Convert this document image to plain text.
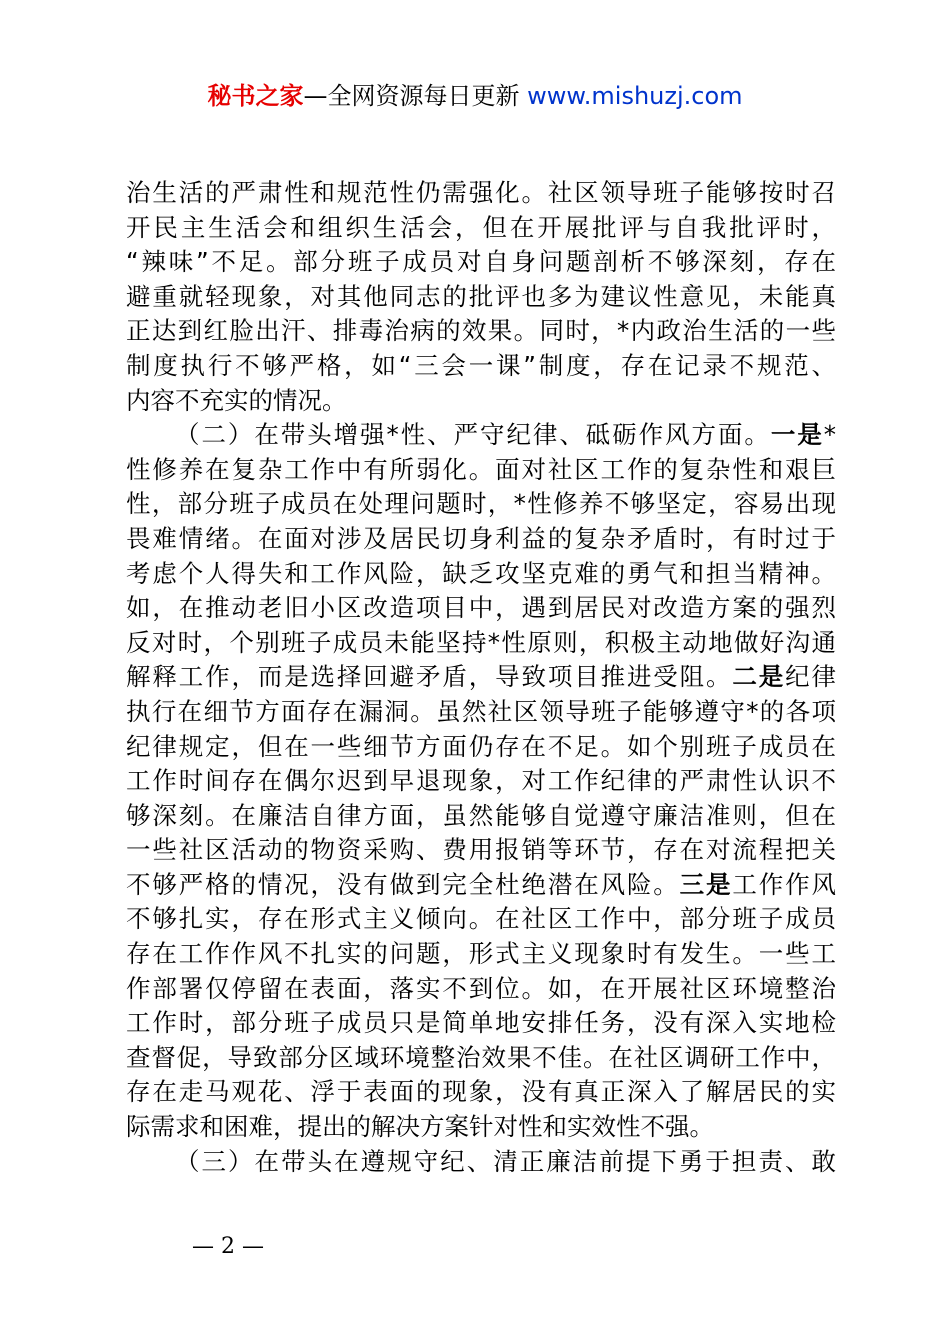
秘书之家—全网资源每日更新 www.mishuzj.com
治生活的严肃性和规范性仍需强化。社区领导班子能够按时召
开民主生活会和组织生活会，但在开展批评与自我批评时，
“辣味”不足。部分班子成员对自身问题剖析不够深刻，存在
避重就轻现象，对其他同志的批评也多为建议性意见，未能真
正达到红脸出汗、排毒治病的效果。同时，*内政治生活的一些
制度执行不够严格，如“三会一课”制度，存在记录不规范、
内容不充实的情况。
（二）在带头增强*性、严守纪律、砥砺作风方面。一是*
性修养在复杂工作中有所弱化。面对社区工作的复杂性和艰巨
性，部分班子成员在处理问题时，*性修养不够坚定，容易出现
畏难情绪。在面对涉及居民切身利益的复杂矛盾时，有时过于
考虑个人得失和工作风险，缺乏攻坚克难的勇气和担当精神。
如，在推动老旧小区改造项目中，遇到居民对改造方案的强烈
反对时，个别班子成员未能坚持*性原则，积极主动地做好沟通
解释工作，而是选择回避矛盾，导致项目推进受阻。二是纪律
执行在细节方面存在漏洞。虽然社区领导班子能够遵守*的各项
纪律规定，但在一些细节方面仍存在不足。如个别班子成员在
工作时间存在偶尔迟到早退现象，对工作纪律的严肃性认识不
够深刻。在廉洁自律方面，虽然能够自觉遵守廉洁准则，但在
一些社区活动的物资采购、费用报销等环节，存在对流程把关
不够严格的情况，没有做到完全杜绝潜在风险。三是工作作风
不够扎实，存在形式主义倾向。在社区工作中，部分班子成员
存在工作作风不扎实的问题，形式主义现象时有发生。一些工
作部署仅停留在表面，落实不到位。如，在开展社区环境整治
工作时，部分班子成员只是简单地安排任务，没有深入实地检
查督促，导致部分区域环境整治效果不佳。在社区调研工作中，
存在走马观花、浮于表面的现象，没有真正深入了解居民的实
际需求和困难，提出的解决方案针对性和实效性不强。
（三）在带头在遵规守纪、清正廉洁前提下勇于担责、敢
— 2 —
